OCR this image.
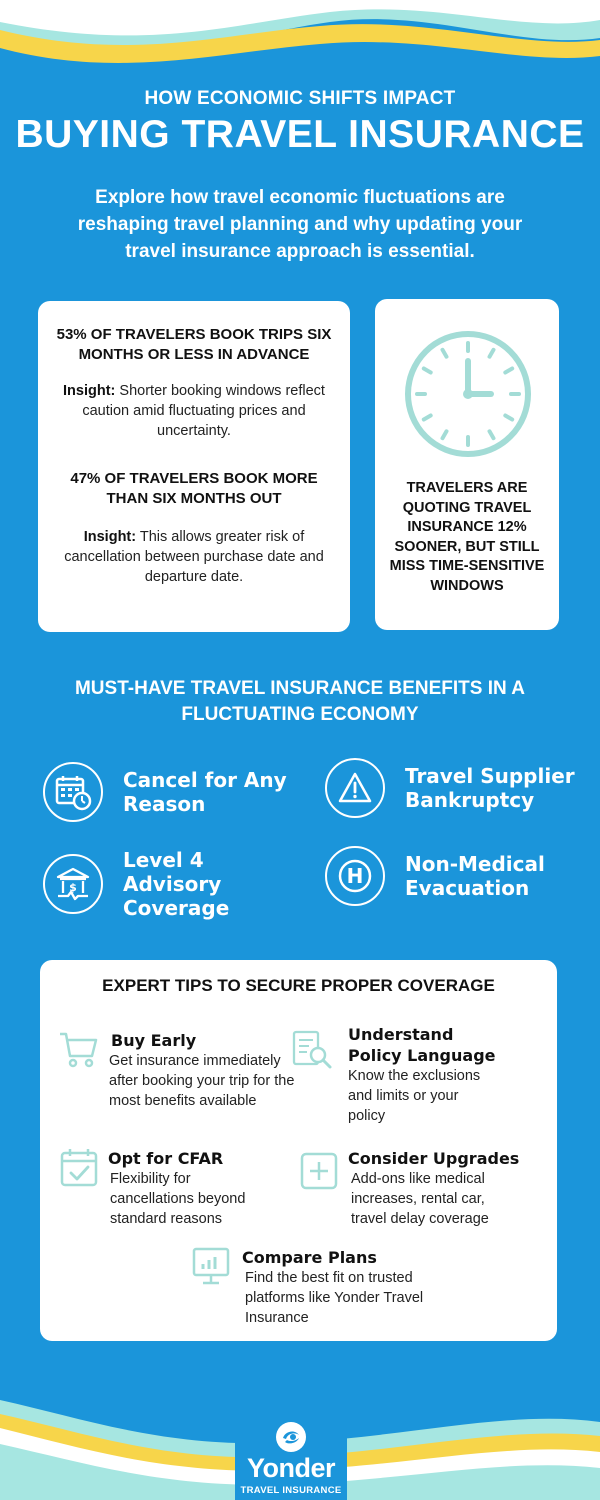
HOW ECONOMIC SHIFTS IMPACT
BUYING TRAVEL INSURANCE
Explore how travel economic fluctuations are reshaping travel planning and why updating your travel insurance approach is essential.
53% OF TRAVELERS BOOK TRIPS SIX MONTHS OR LESS IN ADVANCE
Insight: Shorter booking windows reflect caution amid fluctuating prices and uncertainty.
47% OF TRAVELERS BOOK MORE THAN SIX MONTHS OUT
Insight: This allows greater risk of cancellation between purchase date and departure date.
TRAVELERS ARE QUOTING TRAVEL INSURANCE 12% SOONER, BUT STILL MISS TIME-SENSITIVE WINDOWS
MUST-HAVE TRAVEL INSURANCE BENEFITS IN A FLUCTUATING ECONOMY
Cancel for Any Reason
Travel Supplier Bankruptcy
$
Level 4 Advisory Coverage
H Non-Medical Evacuation
EXPERT TIPS TO SECURE PROPER COVERAGE
Buy Early
Get insurance immediately after booking your trip for the most benefits available
Understand Policy Language
Know the exclusions and limits or your policy
Opt for CFAR
Flexibility for cancellations beyond standard reasons
Consider Upgrades
Add-ons like medical increases, rental car, travel delay coverage
Compare Plans
Find the best fit on trusted platforms like Yonder Travel Insurance
Yonder
TRAVEL INSURANCE
